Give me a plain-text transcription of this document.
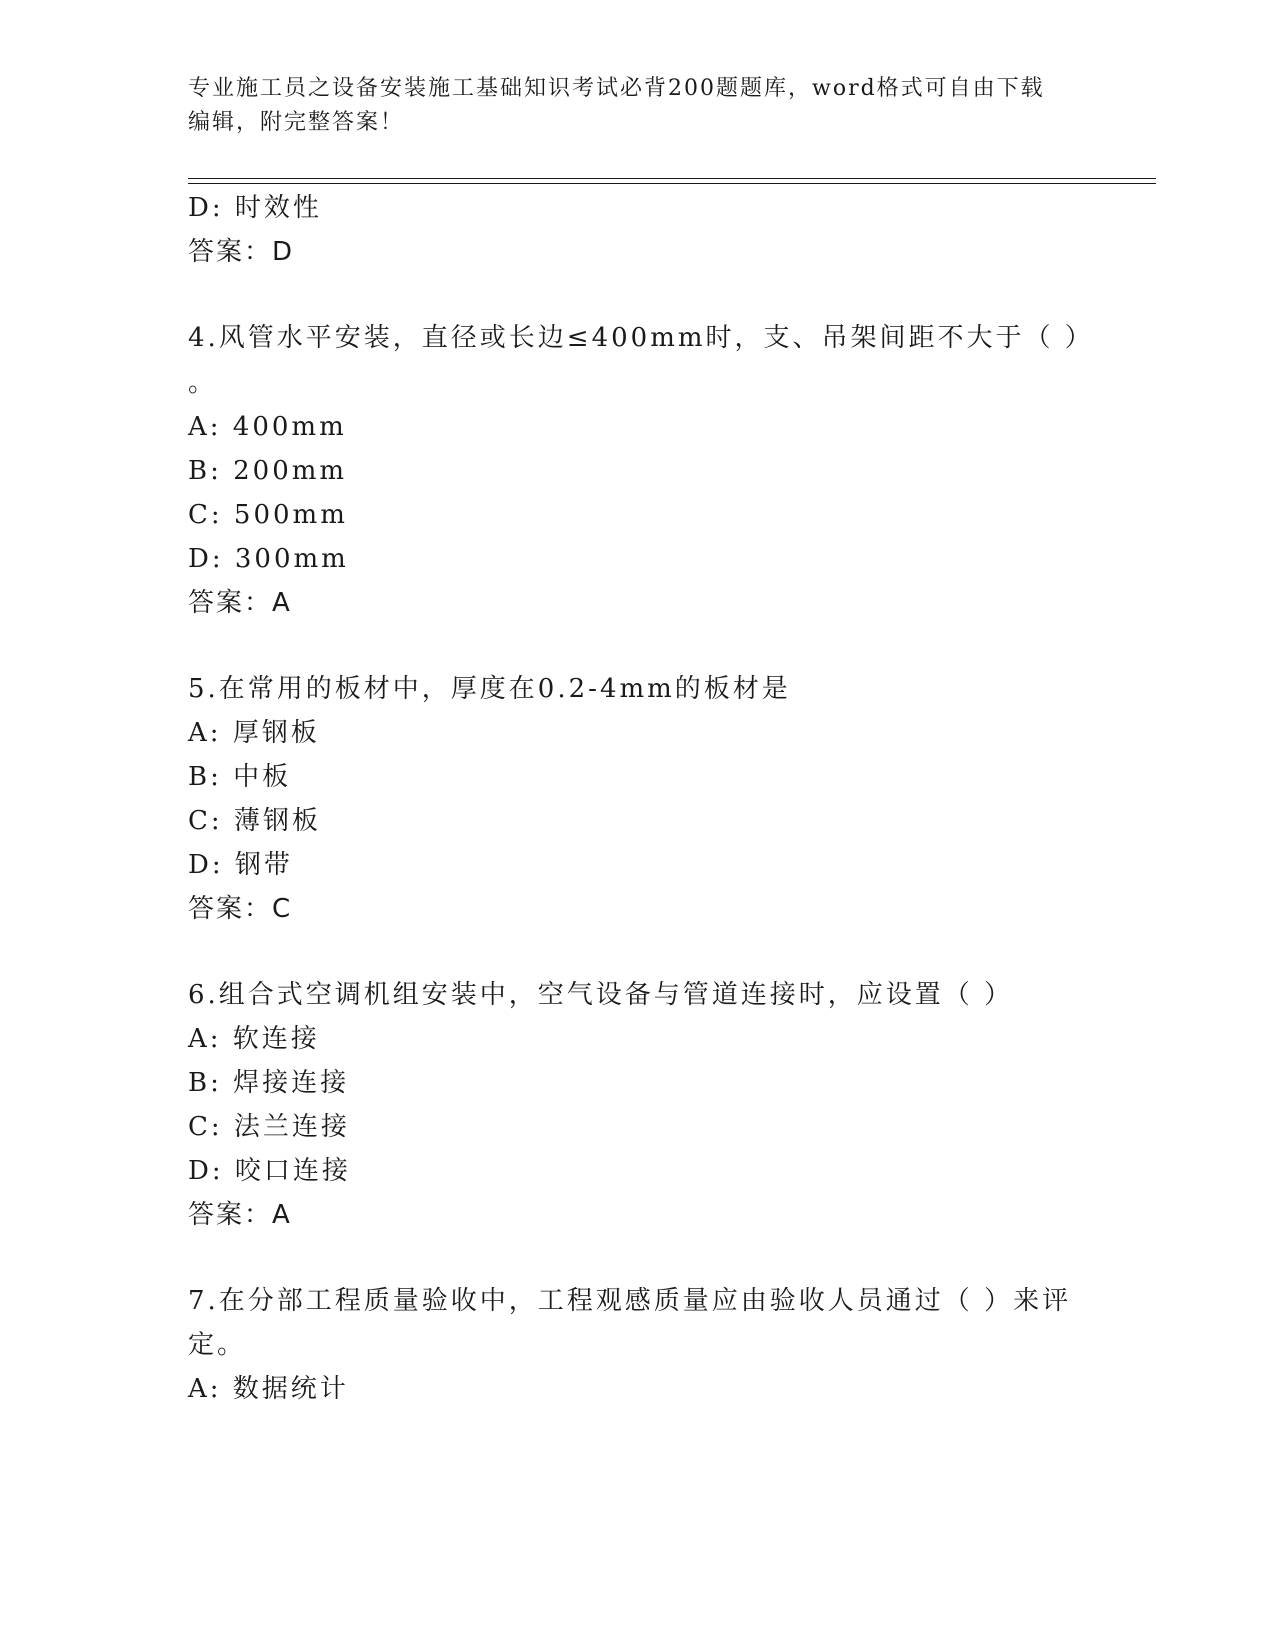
专业施工员之设备安装施工基础知识考试必背200题题库，word格式可自由下载
编辑，附完整答案！
D: 时效性
答案：D
4.风管水平安装，直径或长边≤400mm时，支、吊架间距不大于（ ）
。
A: 400mm
B: 200mm
C: 500mm
D: 300mm
答案：A
5.在常用的板材中，厚度在0.2-4mm的板材是
A: 厚钢板
B: 中板
C: 薄钢板
D: 钢带
答案：C
6.组合式空调机组安装中，空气设备与管道连接时，应设置（ ）
A: 软连接
B: 焊接连接
C: 法兰连接
D: 咬口连接
答案：A
7.在分部工程质量验收中，工程观感质量应由验收人员通过（ ）来评
定。
A: 数据统计
